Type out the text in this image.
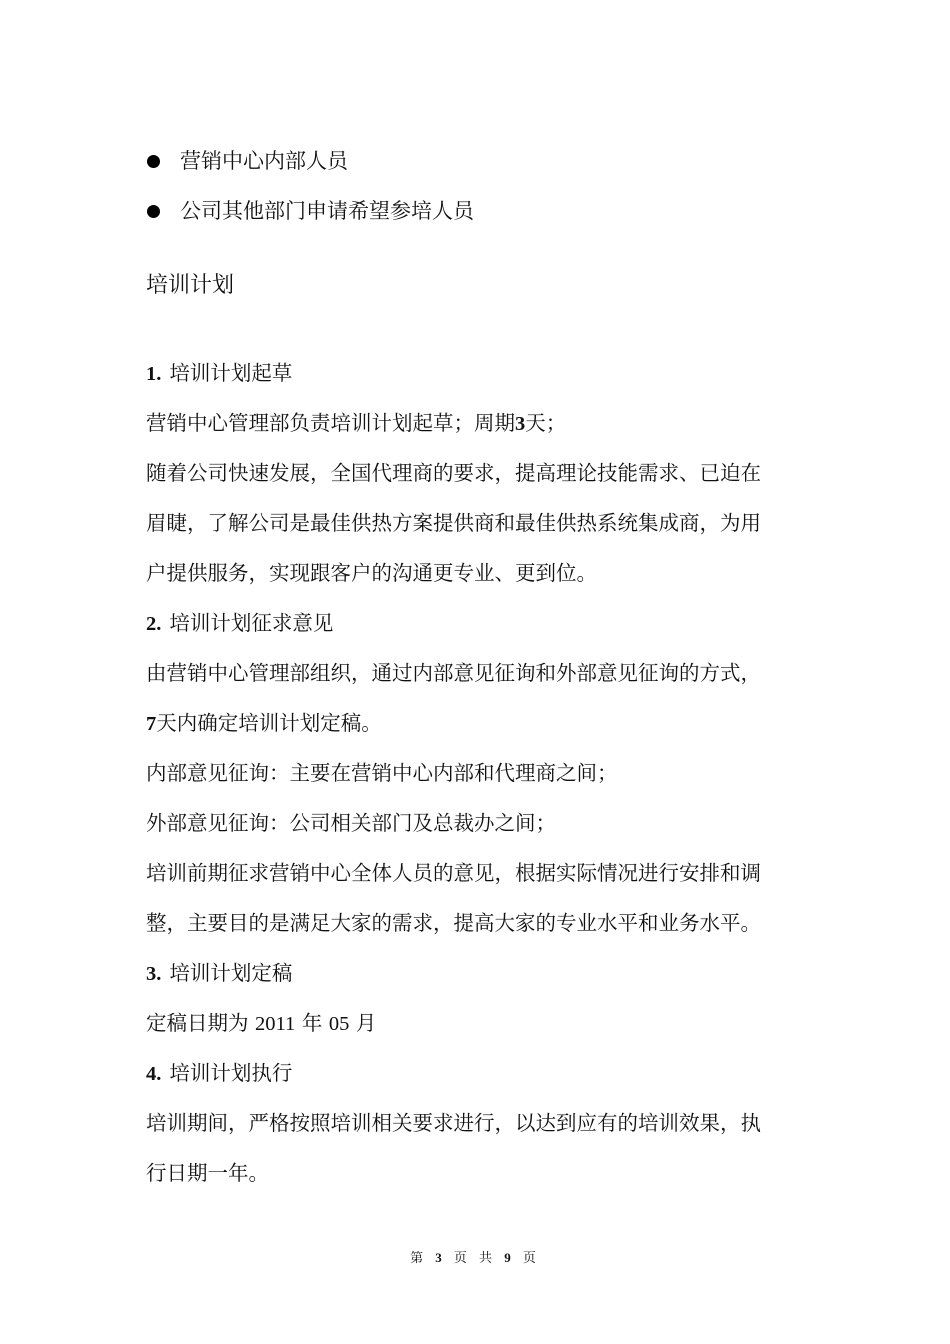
营销中心内部人员
公司其他部门申请希望参培人员
培训计划
1. 培训计划起草
营销中心管理部负责培训计划起草；周期3天；
随着公司快速发展，全国代理商的要求，提高理论技能需求、已迫在
眉睫，了解公司是最佳供热方案提供商和最佳供热系统集成商，为用
户提供服务，实现跟客户的沟通更专业、更到位。
2. 培训计划征求意见
由营销中心管理部组织，通过内部意见征询和外部意见征询的方式，
7天内确定培训计划定稿。
内部意见征询：主要在营销中心内部和代理商之间；
外部意见征询：公司相关部门及总裁办之间；
培训前期征求营销中心全体人员的意见，根据实际情况进行安排和调
整，主要目的是满足大家的需求，提高大家的专业水平和业务水平。
3. 培训计划定稿
定稿日期为 2011 年 05 月
4. 培训计划执行
培训期间，严格按照培训相关要求进行，以达到应有的培训效果，执
行日期一年。
第 3 页 共 9 页
